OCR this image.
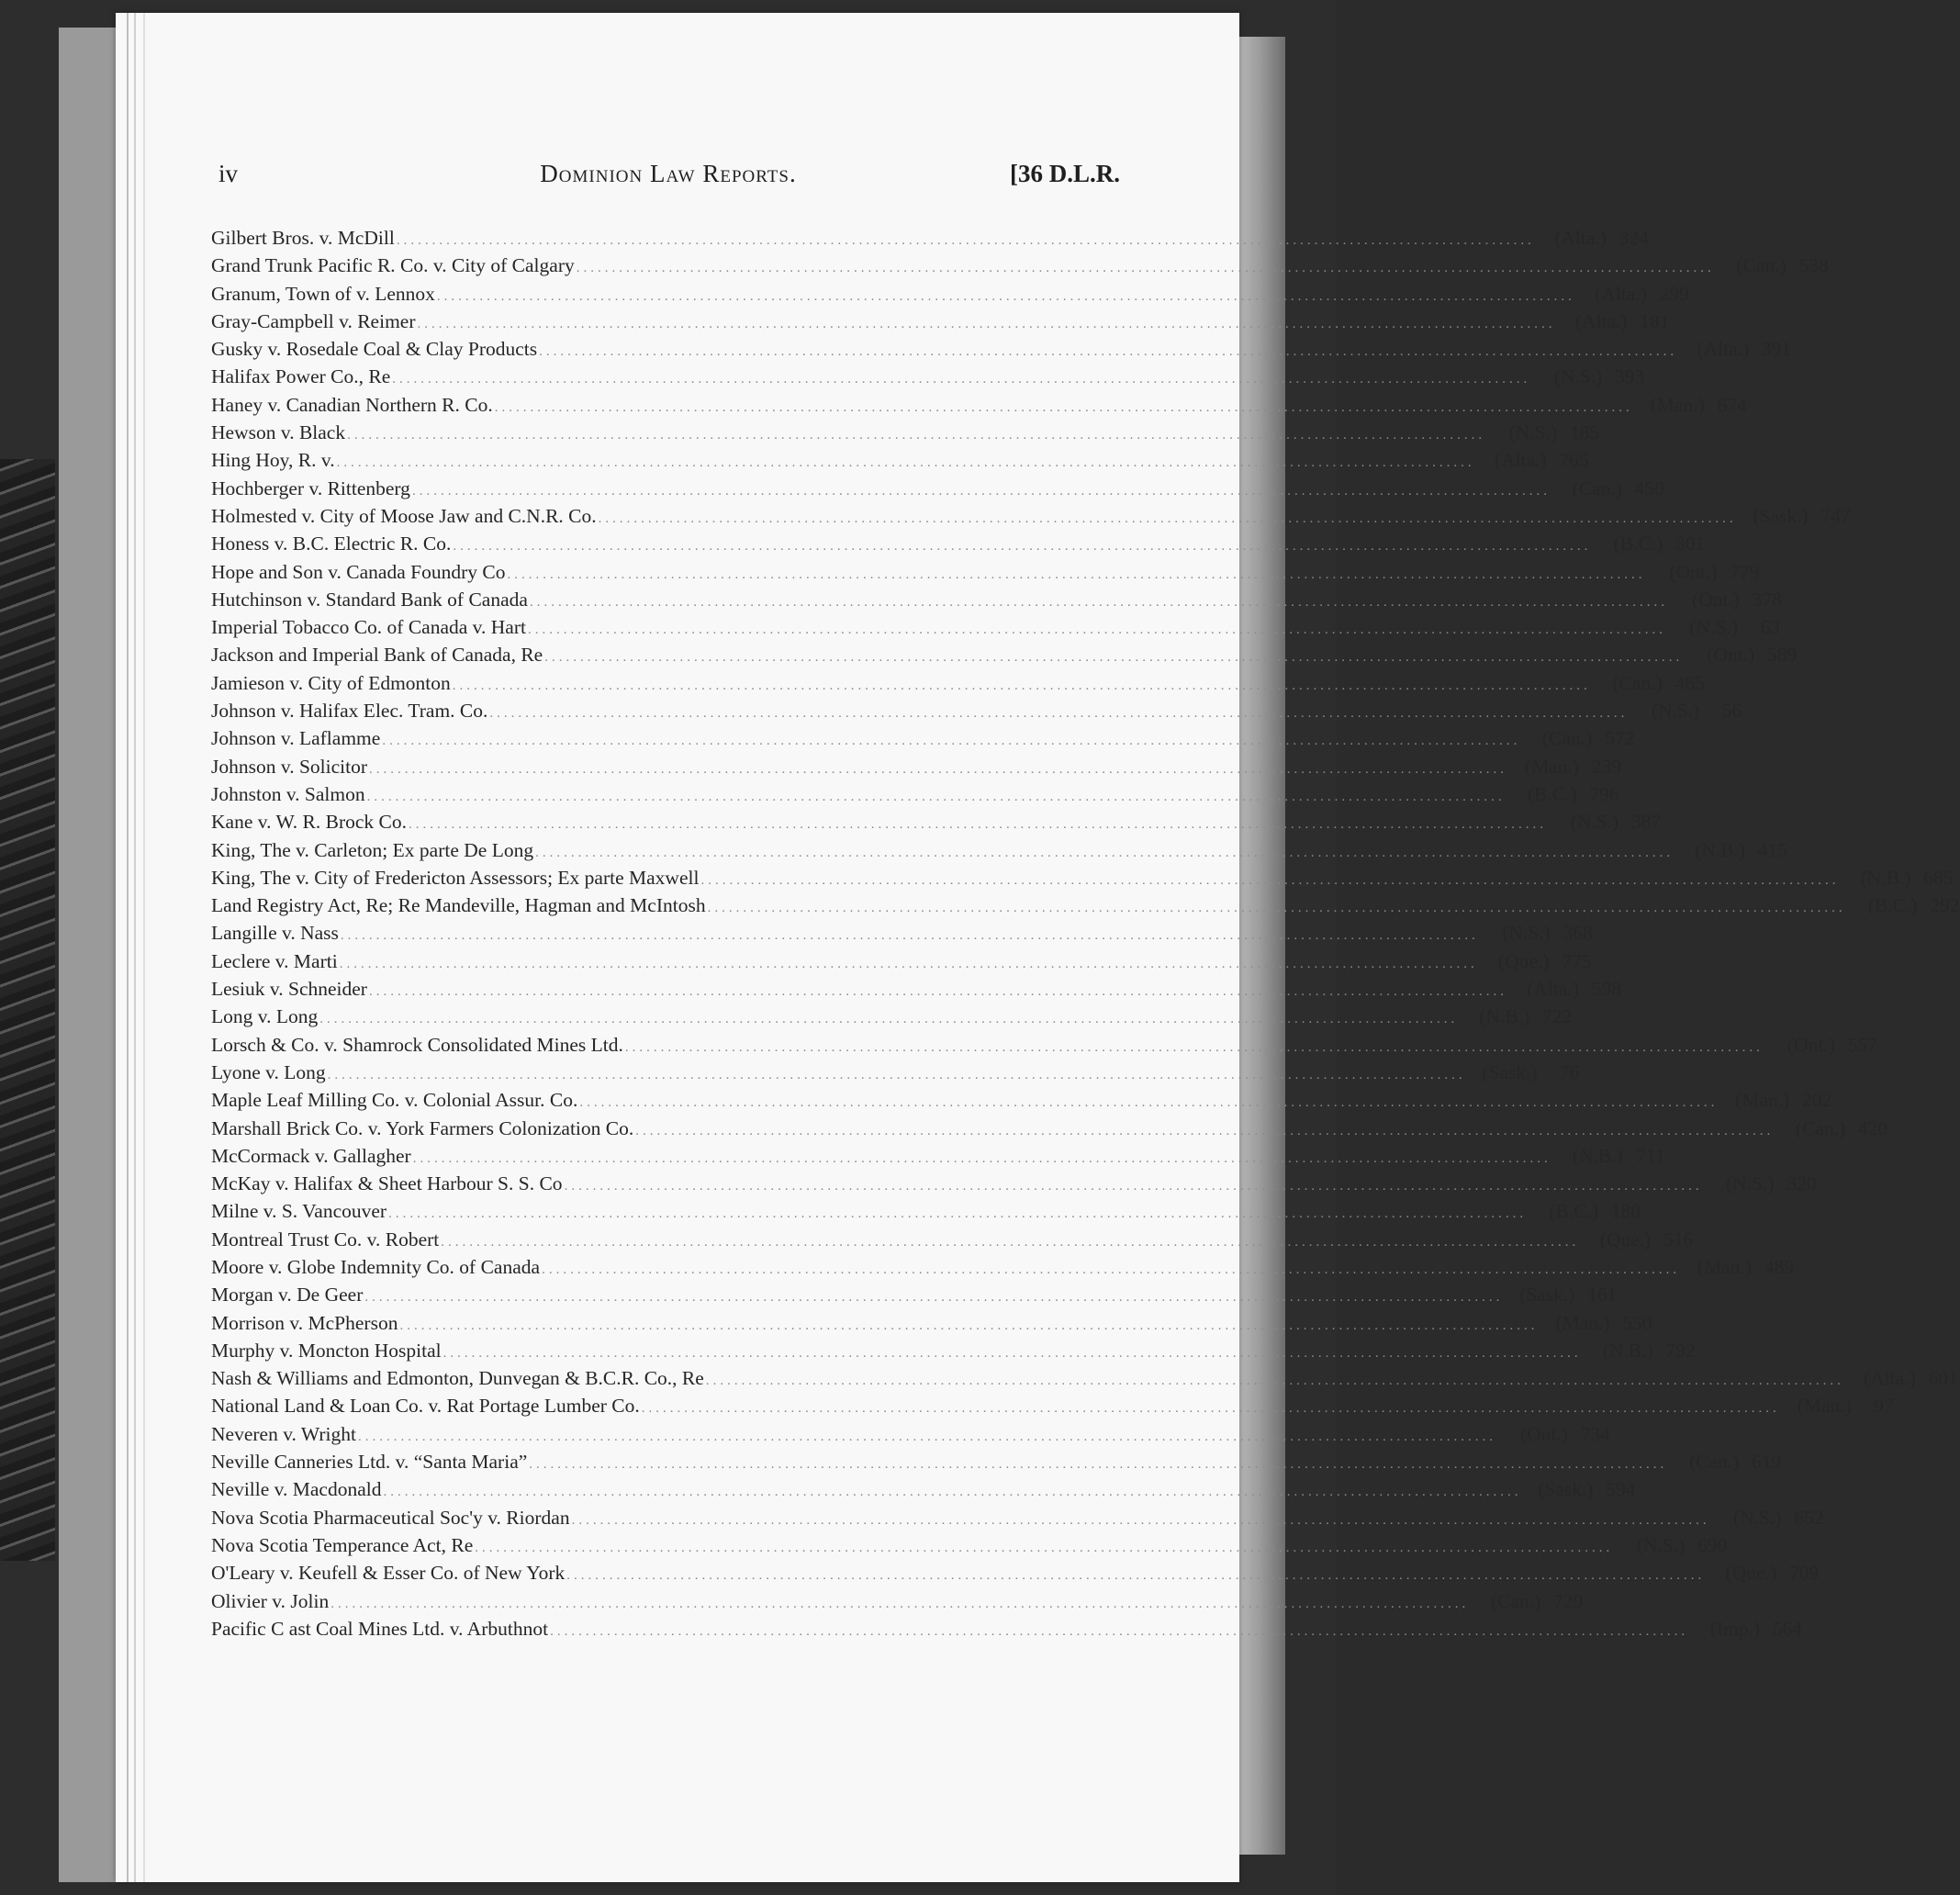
iv	Dominion Law Reports.	[36 D.L.R.
Gilbert Bros. v. McDill .....	(Alta.) 324
Grand Trunk Pacific R. Co. v. City of Calgary .....	(Can.) 538
Granum, Town of v. Lennox .....	(Alta.) 299
Gray-Campbell v. Reimer .....	(Alta.) 181
Gusky v. Rosedale Coal & Clay Products .....	(Alta.) 391
Halifax Power Co., Re .....	(N.S.) 393
Haney v. Canadian Northern R. Co. .....	(Man.) 674
Hewson v. Black .....	(N.S.) 185
Hing Hoy, R. v. .....	(Alta.) 765
Hochberger v. Rittenberg .....	(Can.) 450
Holmested v. City of Moose Jaw and C.N.R. Co. .....	(Sask.) 747
Honess v. B.C. Electric R. Co. .....	(B.C.) 301
Hope and Son v. Canada Foundry Co .....	(Ont.) 779
Hutchinson v. Standard Bank of Canada .....	(Ont.) 378
Imperial Tobacco Co. of Canada v. Hart .....	(N.S.)	63
Jackson and Imperial Bank of Canada, Re .....	(Ont.) 589
Jamieson v. City of Edmonton .....	(Can.) 465
Johnson v. Halifax Elec. Tram. Co. .....	(N.S.)	56
Johnson v. Laflamme .....	(Can.) 572
Johnson v. Solicitor .....	(Man.) 239
Johnston v. Salmon .....	(B.C.) 796
Kane v. W. R. Brock Co. .....	(N.S.) 387
King, The v. Carleton; Ex parte De Long .....	(N.B.) 415
King, The v. City of Fredericton Assessors; Ex parte Maxwell .....	(N.B.) 685
Land Registry Act, Re; Re Mandeville, Hagman and McIntosh .....	(B.C.) 292
Langille v. Nass .....	(N.S.) 368
Leclere v. Marti .....	(Que.) 775
Lesiuk v. Schneider .....	(Alta.) 598
Long v. Long .....	(N.B.) 722
Lorsch & Co. v. Shamrock Consolidated Mines Ltd. .....	(Ont.) 557
Lyone v. Long .....	(Sask.)	76
Maple Leaf Milling Co. v. Colonial Assur. Co. .....	(Man.) 202
Marshall Brick Co. v. York Farmers Colonization Co. .....	(Can.) 420
McCormack v. Gallagher .....	(N.B.) 711
McKay v. Halifax & Sheet Harbour S. S. Co .....	(N.S.) 320
Milne v. S. Vancouver .....	(B.C.) 180
Montreal Trust Co. v. Robert .....	(Que.) 516
Moore v. Globe Indemnity Co. of Canada .....	(Man.) 489
Morgan v. De Geer .....	(Sask.) 161
Morrison v. McPherson .....	(Man.) 550
Murphy v. Moncton Hospital .....	(N.B.) 792
Nash & Williams and Edmonton, Dunvegan & B.C.R. Co., Re .....	(Alta.) 601
National Land & Loan Co. v. Rat Portage Lumber Co. .....	(Man.)	97
Neveren v. Wright .....	(Ont.) 734
Neville Canneries Ltd. v. “Santa Maria” .....	(Can.) 619
Neville v. Macdonald .....	(Sask.) 594
Nova Scotia Pharmaceutical Soc'y v. Riordan .....	(N.S.) 652
Nova Scotia Temperance Act, Re .....	(N.S.) 690
O'Leary v. Keufell & Esser Co. of New York .....	(Que.) 709
Olivier v. Jolin .....	(Can.) 729
Pacific C ast Coal Mines Ltd. v. Arbuthnot .....	(Imp.) 564
